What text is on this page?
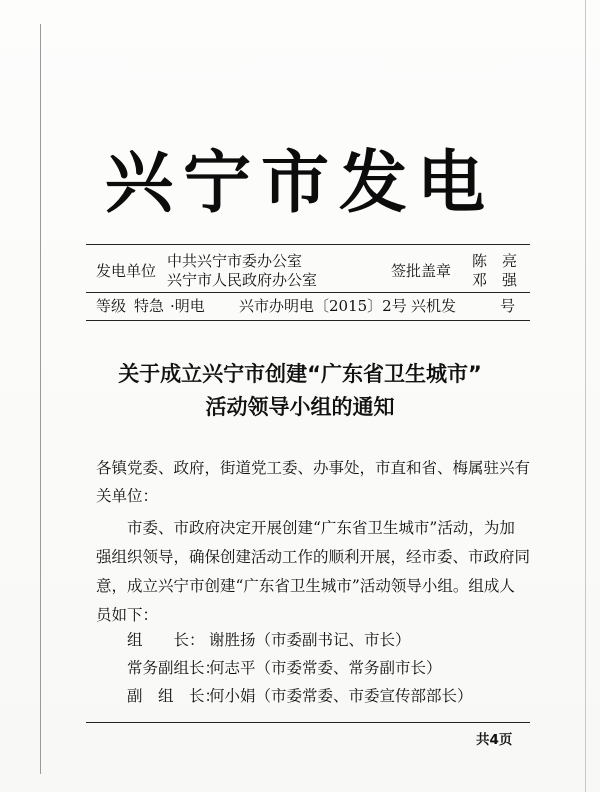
兴宁市发电
发电单位
中共兴宁市委办公室
兴宁市人民政府办公室	签批盖章
陈　亮
邓　强
等级 特急 ·明电 兴市办明电〔2015〕2号 兴机发	号
关于成立兴宁市创建“广东省卫生城市”
活动领导小组的通知
各镇党委、政府，街道党工委、办事处，市直和省、梅属驻兴有
关单位：
市委、市政府决定开展创建“广东省卫生城市”活动，为加
强组织领导，确保创建活动工作的顺利开展，经市委、市政府同
意，成立兴宁市创建“广东省卫生城市”活动领导小组。组成人
员如下：
组　　长： 谢胜扬（市委副书记、市长）
常务副组长：何志平（市委常委、常务副市长）
副　组　长：何小娟（市委常委、市委宣传部部长）
共4页
